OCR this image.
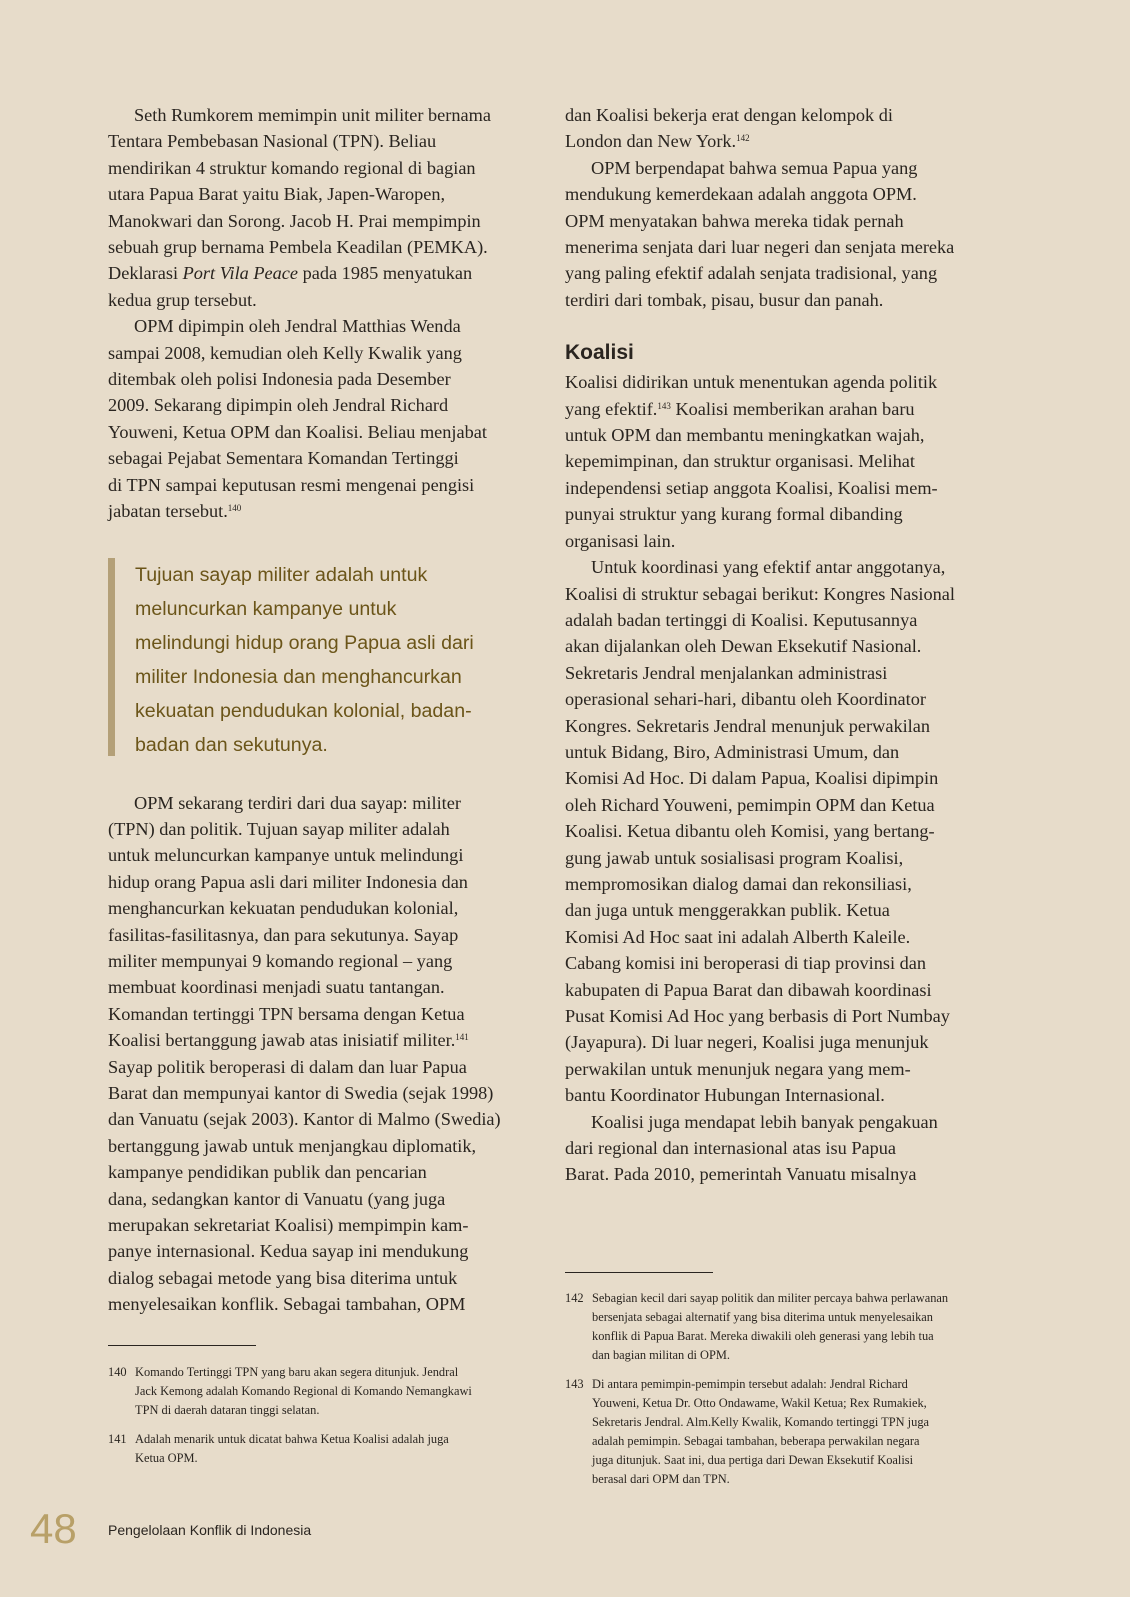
Seth Rumkorem memimpin unit militer bernama
Tentara Pembebasan Nasional (TPN). Beliau
mendirikan 4 struktur komando regional di bagian
utara Papua Barat yaitu Biak, Japen-Waropen,
Manokwari dan Sorong. Jacob H. Prai mempimpin
sebuah grup bernama Pembela Keadilan (PEMKA).
Deklarasi Port Vila Peace pada 1985 menyatukan
kedua grup tersebut.

OPM dipimpin oleh Jendral Matthias Wenda
sampai 2008, kemudian oleh Kelly Kwalik yang
ditembak oleh polisi Indonesia pada Desember
2009. Sekarang dipimpin oleh Jendral Richard
Youweni, Ketua OPM dan Koalisi. Beliau menjabat
sebagai Pejabat Sementara Komandan Tertinggi
di TPN sampai keputusan resmi mengenai pengisi
jabatan tersebut.$^{140}$

Tujuan sayap militer adalah untuk
meluncurkan kampanye untuk
melindungi hidup orang Papua asli dari
militer Indonesia dan menghancurkan
kekuatan pendudukan kolonial, badan-
badan dan sekutunya.

OPM sekarang terdiri dari dua sayap: militer
(TPN) dan politik. Tujuan sayap militer adalah
untuk meluncurkan kampanye untuk melindungi
hidup orang Papua asli dari militer Indonesia dan
menghancurkan kekuatan pendudukan kolonial,
fasilitas-fasilitasnya, dan para sekutunya. Sayap
militer mempunyai 9 komando regional – yang
membuat koordinasi menjadi suatu tantangan.
Komandan tertinggi TPN bersama dengan Ketua
Koalisi bertanggung jawab atas inisiatif militer.$^{141}$
Sayap politik beroperasi di dalam dan luar Papua
Barat dan mempunyai kantor di Swedia (sejak 1998)
dan Vanuatu (sejak 2003). Kantor di Malmo (Swedia)
bertanggung jawab untuk menjangkau diplomatik,
kampanye pendidikan publik dan pencarian
dana, sedangkan kantor di Vanuatu (yang juga
merupakan sekretariat Koalisi) mempimpin kam-
panye internasional. Kedua sayap ini mendukung
dialog sebagai metode yang bisa diterima untuk
menyelesaikan konflik. Sebagai tambahan, OPM

dan Koalisi bekerja erat dengan kelompok di
London dan New York.$^{142}$

OPM berpendapat bahwa semua Papua yang
mendukung kemerdekaan adalah anggota OPM.
OPM menyatakan bahwa mereka tidak pernah
menerima senjata dari luar negeri dan senjata mereka
yang paling efektif adalah senjata tradisional, yang
terdiri dari tombak, pisau, busur dan panah.

Koalisi

Koalisi didirikan untuk menentukan agenda politik
yang efektif.$^{143}$ Koalisi memberikan arahan baru
untuk OPM dan membantu meningkatkan wajah,
kepemimpinan, dan struktur organisasi. Melihat
independensi setiap anggota Koalisi, Koalisi mem-
punyai struktur yang kurang formal dibanding
organisasi lain.

Untuk koordinasi yang efektif antar anggotanya,
Koalisi di struktur sebagai berikut: Kongres Nasional
adalah badan tertinggi di Koalisi. Keputusannya
akan dijalankan oleh Dewan Eksekutif Nasional.
Sekretaris Jendral menjalankan administrasi
operasional sehari-hari, dibantu oleh Koordinator
Kongres. Sekretaris Jendral menunjuk perwakilan
untuk Bidang, Biro, Administrasi Umum, dan
Komisi Ad Hoc. Di dalam Papua, Koalisi dipimpin
oleh Richard Youweni, pemimpin OPM dan Ketua
Koalisi. Ketua dibantu oleh Komisi, yang bertang-
gung jawab untuk sosialisasi program Koalisi,
mempromosikan dialog damai dan rekonsiliasi,
dan juga untuk menggerakkan publik. Ketua
Komisi Ad Hoc saat ini adalah Alberth Kaleile.
Cabang komisi ini beroperasi di tiap provinsi dan
kabupaten di Papua Barat dan dibawah koordinasi
Pusat Komisi Ad Hoc yang berbasis di Port Numbay
(Jayapura). Di luar negeri, Koalisi juga menunjuk
perwakilan untuk menunjuk negara yang mem-
bantu Koordinator Hubungan Internasional.

Koalisi juga mendapat lebih banyak pengakuan
dari regional dan internasional atas isu Papua
Barat. Pada 2010, pemerintah Vanuatu misalnya

140 Komando Tertinggi TPN yang baru akan segera ditunjuk. Jendral
Jack Kemong adalah Komando Regional di Komando Nemangkawi
TPN di daerah dataran tinggi selatan.
141 Adalah menarik untuk dicatat bahwa Ketua Koalisi adalah juga
Ketua OPM.
142 Sebagian kecil dari sayap politik dan militer percaya bahwa perlawanan
bersenjata sebagai alternatif yang bisa diterima untuk menyelesaikan
konflik di Papua Barat. Mereka diwakili oleh generasi yang lebih tua
dan bagian militan di OPM.
143 Di antara pemimpin-pemimpin tersebut adalah: Jendral Richard
Youweni, Ketua Dr. Otto Ondawame, Wakil Ketua; Rex Rumakiek,
Sekretaris Jendral. Alm.Kelly Kwalik, Komando tertinggi TPN juga
adalah pemimpin. Sebagai tambahan, beberapa perwakilan negara
juga ditunjuk. Saat ini, dua pertiga dari Dewan Eksekutif Koalisi
berasal dari OPM dan TPN.
48 Pengelolaan Konflik di Indonesia
